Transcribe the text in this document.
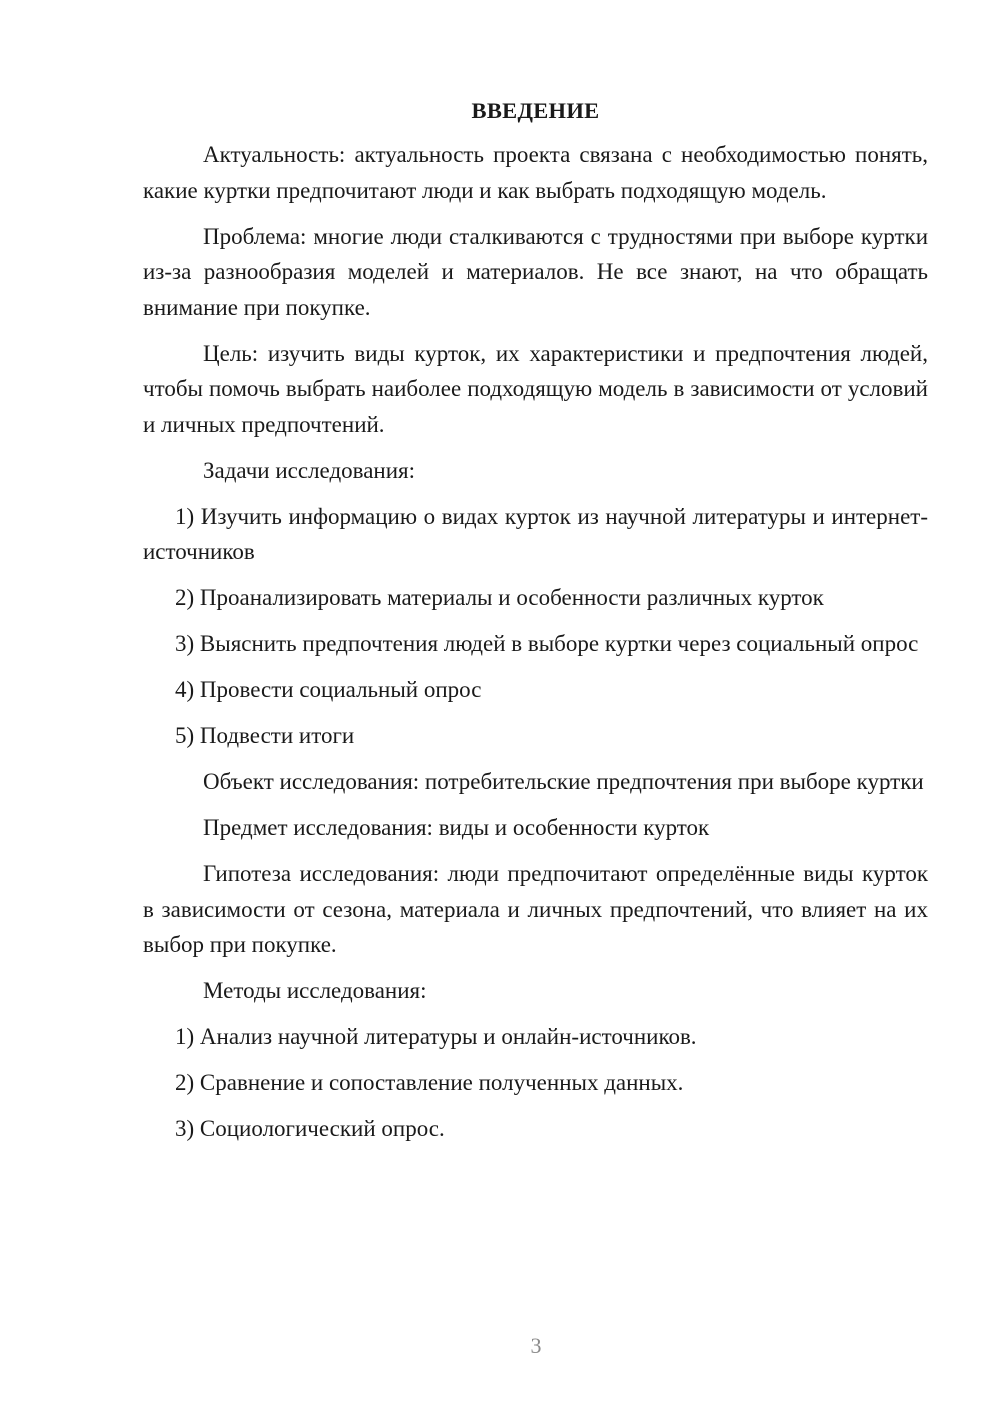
ВВЕДЕНИЕ

Актуальность: актуальность проекта связана с необходимостью понять, какие куртки предпочитают люди и как выбрать подходящую модель.

Проблема: многие люди сталкиваются с трудностями при выборе куртки из-за разнообразия моделей и материалов. Не все знают, на что обращать внимание при покупке.

Цель: изучить виды курток, их характеристики и предпочтения людей, чтобы помочь выбрать наиболее подходящую модель в зависимости от условий и личных предпочтений.

Задачи исследования:

1) Изучить информацию о видах курток из научной литературы и интернет-источников

2) Проанализировать материалы и особенности различных курток

3) Выяснить предпочтения людей в выборе куртки через социальный опрос

4) Провести социальный опрос

5) Подвести итоги

Объект исследования: потребительские предпочтения при выборе куртки

Предмет исследования: виды и особенности курток

Гипотеза исследования: люди предпочитают определённые виды курток в зависимости от сезона, материала и личных предпочтений, что влияет на их выбор при покупке.

Методы исследования:

1) Анализ научной литературы и онлайн-источников.

2) Сравнение и сопоставление полученных данных.

3) Социологический опрос.

3
